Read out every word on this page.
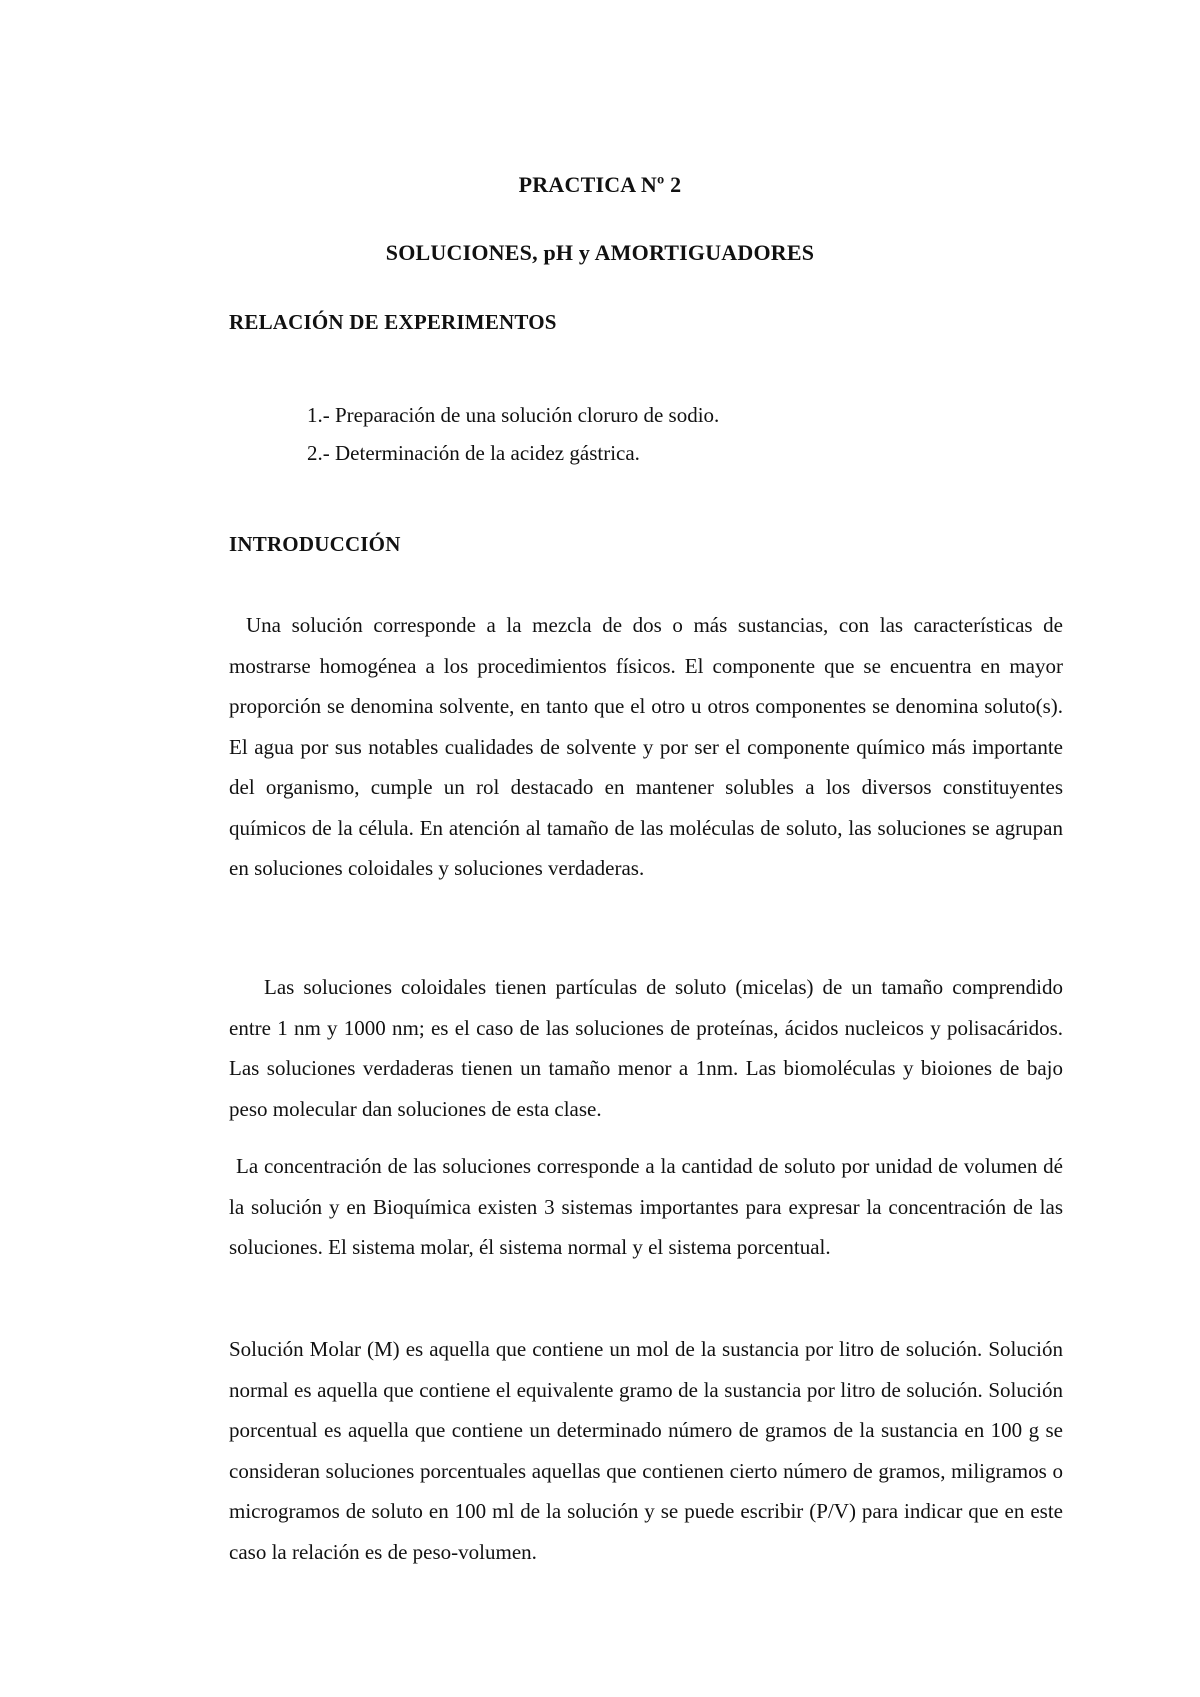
PRACTICA Nº 2
SOLUCIONES, pH y AMORTIGUADORES
RELACIÓN DE EXPERIMENTOS
1.- Preparación de una solución cloruro de sodio.
2.- Determinación de la acidez gástrica.
INTRODUCCIÓN

Una solución corresponde a la mezcla de dos o más sustancias, con las características de mostrarse homogénea a los procedimientos físicos. El componente que se encuentra en mayor proporción se denomina solvente, en tanto que el otro u otros componentes se denomina soluto(s). El agua por sus notables cualidades de solvente y por ser el componente químico más importante del organismo, cumple un rol destacado en mantener solubles a los diversos constituyentes químicos de la célula. En atención al tamaño de las moléculas de soluto, las soluciones se agrupan en soluciones coloidales y soluciones verdaderas.

Las soluciones coloidales tienen partículas de soluto (micelas) de un tamaño comprendido entre 1 nm y 1000 nm; es el caso de las soluciones de proteínas, ácidos nucleicos y polisacáridos. Las soluciones verdaderas tienen un tamaño menor a 1nm. Las biomoléculas y bioiones de bajo peso molecular dan soluciones de esta clase.

La concentración de las soluciones corresponde a la cantidad de soluto por unidad de volumen dé la solución y en Bioquímica existen 3 sistemas importantes para expresar la concentración de las soluciones. El sistema molar, él sistema normal y el sistema porcentual.

Solución Molar (M) es aquella que contiene un mol de la sustancia por litro de solución. Solución normal es aquella que contiene el equivalente gramo de la sustancia por litro de solución. Solución porcentual es aquella que contiene un determinado número de gramos de la sustancia en 100 g se consideran soluciones porcentuales aquellas que contienen cierto número de gramos, miligramos o microgramos de soluto en 100 ml de la solución y se puede escribir (P/V) para indicar que en este caso la relación es de peso-volumen.
